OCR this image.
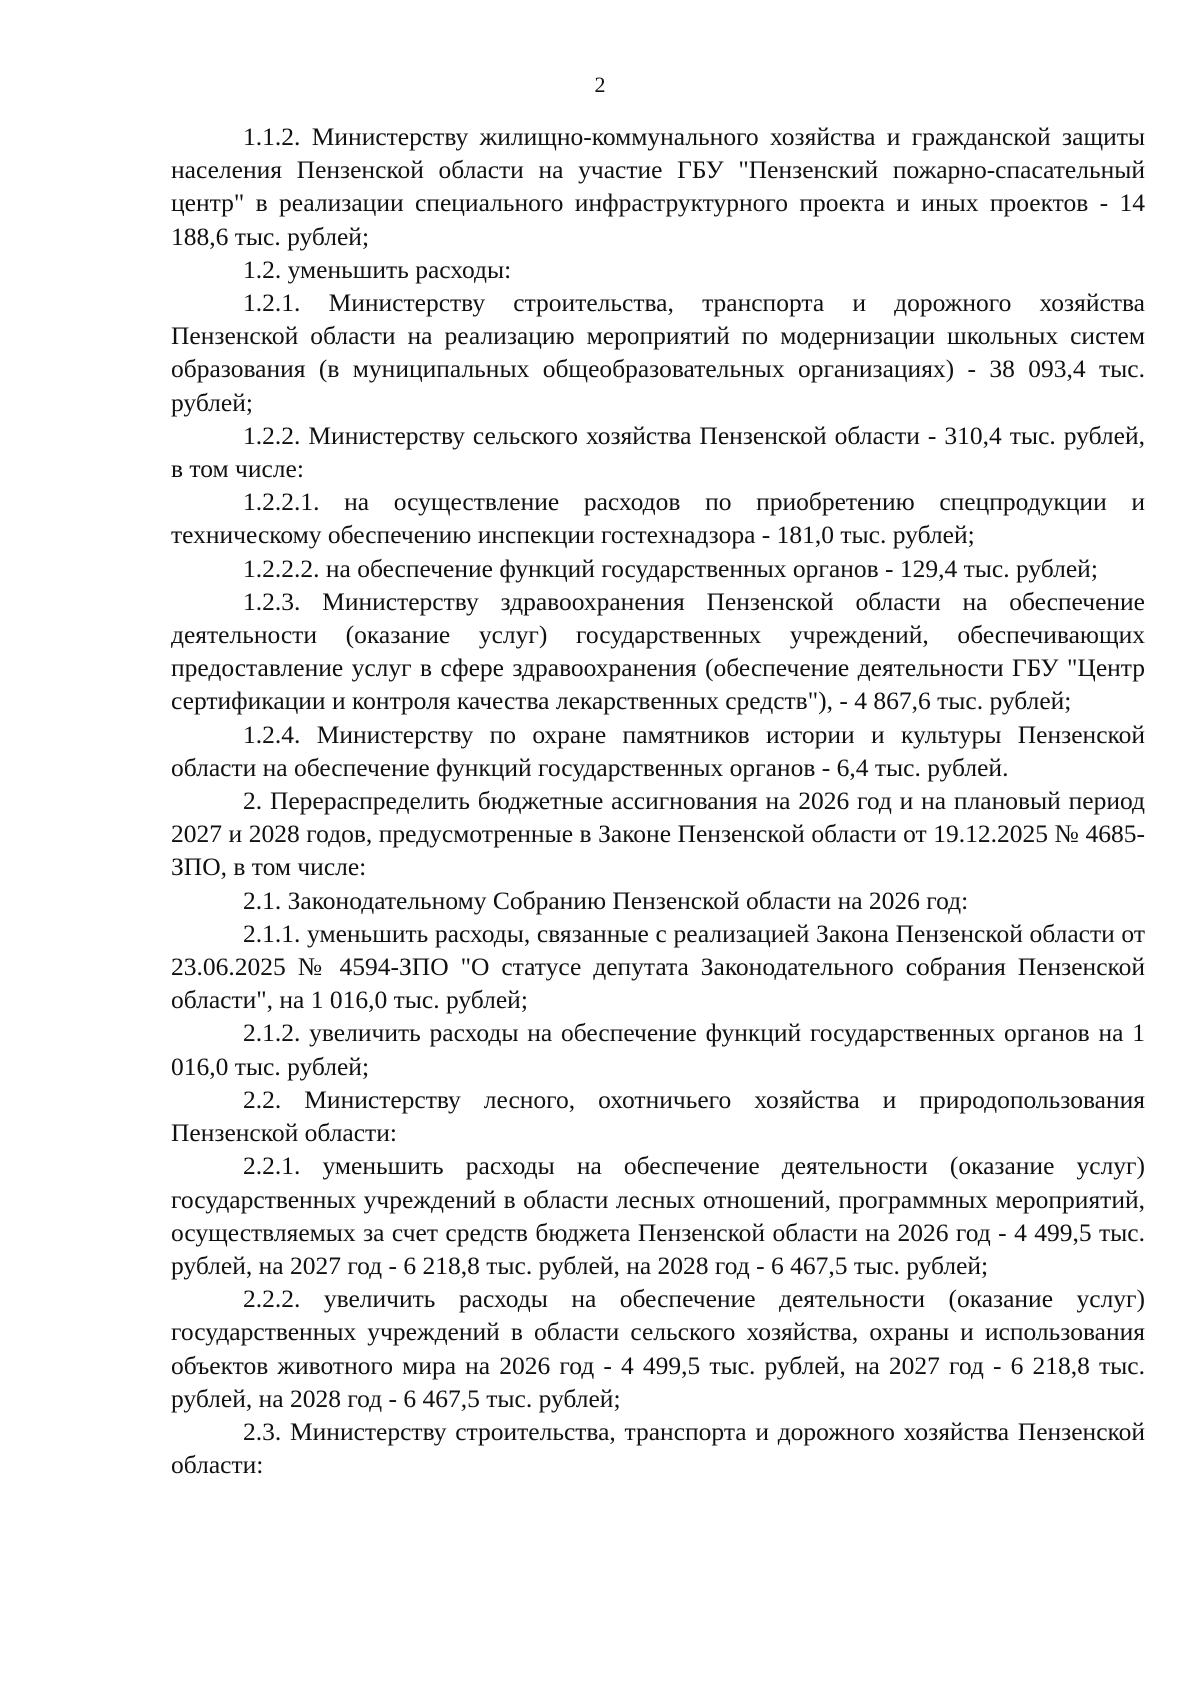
2

1.1.2. Министерству жилищно-коммунального хозяйства и гражданской защиты населения Пензенской области на участие ГБУ "Пензенский пожарно-спасательный центр" в реализации специального инфраструктурного проекта и иных проектов - 14 188,6 тыс. рублей;

1.2. уменьшить расходы:

1.2.1. Министерству строительства, транспорта и дорожного хозяйства Пензенской области на реализацию мероприятий по модернизации школьных систем образования (в муниципальных общеобразовательных организациях) - 38 093,4 тыс. рублей;

1.2.2. Министерству сельского хозяйства Пензенской области - 310,4 тыс. рублей, в том числе:

1.2.2.1. на осуществление расходов по приобретению спецпродукции и техническому обеспечению инспекции гостехнадзора - 181,0 тыс. рублей;

1.2.2.2. на обеспечение функций государственных органов - 129,4 тыс. рублей;

1.2.3. Министерству здравоохранения Пензенской области на обеспечение деятельности (оказание услуг) государственных учреждений, обеспечивающих предоставление услуг в сфере здравоохранения (обеспечение деятельности ГБУ "Центр сертификации и контроля качества лекарственных средств"), - 4 867,6 тыс. рублей;

1.2.4. Министерству по охране памятников истории и культуры Пензенской области на обеспечение функций государственных органов - 6,4 тыс. рублей.

2. Перераспределить бюджетные ассигнования на 2026 год и на плановый период 2027 и 2028 годов, предусмотренные в Законе Пензенской области от 19.12.2025 № 4685-ЗПО, в том числе:

2.1. Законодательному Собранию Пензенской области на 2026 год:

2.1.1. уменьшить расходы, связанные с реализацией Закона Пензенской области от 23.06.2025 № 4594-ЗПО "О статусе депутата Законодательного собрания Пензенской области", на 1 016,0 тыс. рублей;

2.1.2. увеличить расходы на обеспечение функций государственных органов на 1 016,0 тыс. рублей;

2.2. Министерству лесного, охотничьего хозяйства и природопользования Пензенской области:

2.2.1. уменьшить расходы на обеспечение деятельности (оказание услуг) государственных учреждений в области лесных отношений, программных мероприятий, осуществляемых за счет средств бюджета Пензенской области на 2026 год - 4 499,5 тыс. рублей, на 2027 год - 6 218,8 тыс. рублей, на 2028 год - 6 467,5 тыс. рублей;

2.2.2. увеличить расходы на обеспечение деятельности (оказание услуг) государственных учреждений в области сельского хозяйства, охраны и использования объектов животного мира на 2026 год - 4 499,5 тыс. рублей, на 2027 год - 6 218,8 тыс. рублей, на 2028 год - 6 467,5 тыс. рублей;

2.3. Министерству строительства, транспорта и дорожного хозяйства Пензенской области:
